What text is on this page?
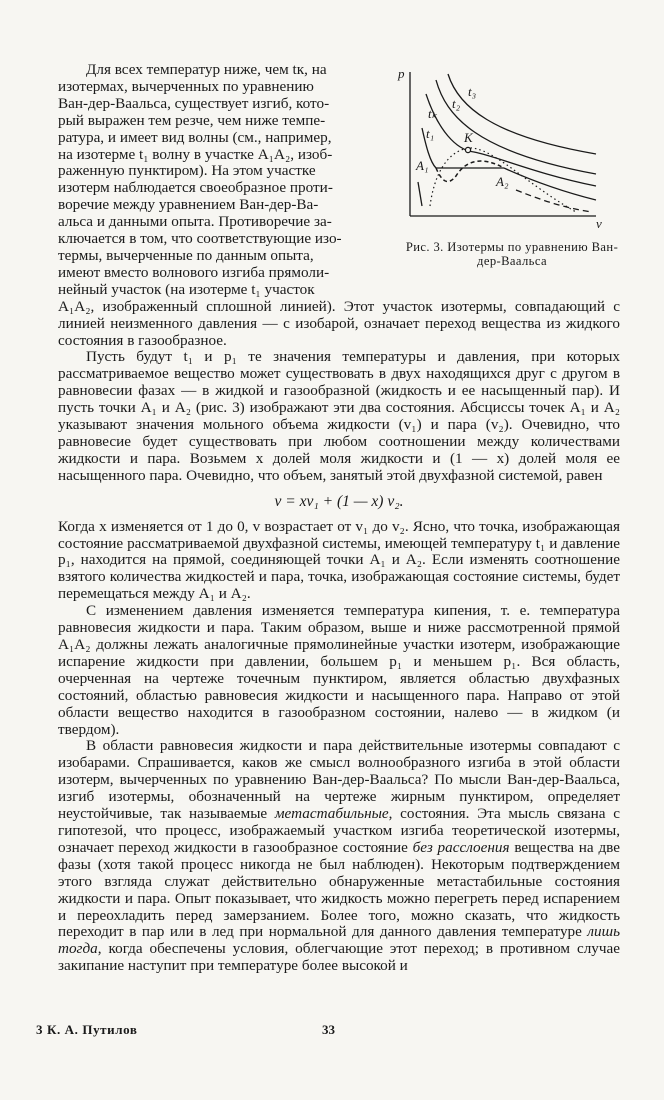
p
v
t₃
t₂
tₖ
t₁ K
A₁
A₂
Рис. 3. Изотермы по уравнению Ван-дер-Ваальса
Для всех температур ниже, чем tк, на
изотермах, вычерченных по уравнению
Ван-дер-Ваальса, существует изгиб, кото-
рый выражен тем резче, чем ниже темпе-
ратура, и имеет вид волны (см., например,
на изотерме t₁ волну в участке A₁A₂, изоб-
раженную пунктиром). На этом участке
изотерм наблюдается своеобразное проти-
воречие между уравнением Ван-дер-Ва-
альса и данными опыта. Противоречие за-
ключается в том, что соответствующие изо-
термы, вычерченные по данным опыта,
имеют вместо волнового изгиба прямоли-
нейный участок (на изотерме t₁ участок

A₁A₂, изображенный сплошной линией). Этот участок изотермы, совпадающий с линией неизменного давления — с изобарой, означает переход вещества из жидкого состояния в газообразное.

Пусть будут t₁ и p₁ те значения температуры и давления, при которых рассматриваемое вещество может существовать в двух находящихся друг с другом в равновесии фазах — в жидкой и газообразной (жидкость и ее насыщенный пар). И пусть точки A₁ и A₂ (рис. 3) изображают эти два состояния. Абсциссы точек A₁ и A₂ указывают значения мольного объема жидкости (v₁) и пара (v₂). Очевидно, что равновесие будет существовать при любом соотношении между количествами жидкости и пара. Возьмем x долей моля жидкости и (1 — x) долей моля ее насыщенного пара. Очевидно, что объем, занятый этой двухфазной системой, равен

v = xv₁ + (1 — x) v₂.

Когда x изменяется от 1 до 0, v возрастает от v₁ до v₂. Ясно, что точка, изображающая состояние рассматриваемой двухфазной системы, имеющей температуру t₁ и давление p₁, находится на прямой, соединяющей точки A₁ и A₂. Если изменять соотношение взятого количества жидкостей и пара, точка, изображающая состояние системы, будет перемещаться между A₁ и A₂.

С изменением давления изменяется температура кипения, т. е. температура равновесия жидкости и пара. Таким образом, выше и ниже рассмотренной прямой A₁A₂ должны лежать аналогичные прямолинейные участки изотерм, изображающие испарение жидкости при давлении, большем p₁ и меньшем p₁. Вся область, очерченная на чертеже точечным пунктиром, является областью двухфазных состояний, областью равновесия жидкости и насыщенного пара. Направо от этой области вещество находится в газообразном состоянии, налево — в жидком (и твердом).

В области равновесия жидкости и пара действительные изотермы совпадают с изобарами. Спрашивается, каков же смысл волнообразного изгиба в этой области изотерм, вычерченных по уравнению Ван-дер-Ваальса? По мысли Ван-дер-Ваальса, изгиб изотермы, обозначенный на чертеже жирным пунктиром, определяет неустойчивые, так называемые метастабильные, состояния. Эта мысль связана с гипотезой, что процесс, изображаемый участком изгиба теоретической изотермы, означает переход жидкости в газообразное состояние без расслоения вещества на две фазы (хотя такой процесс никогда не был наблюден). Некоторым подтверждением этого взгляда служат действительно обнаруженные метастабильные состояния жидкости и пара. Опыт показывает, что жидкость можно перегреть перед испарением и переохладить перед замерзанием. Более того, можно сказать, что жидкость переходит в пар или в лед при нормальной для данного давления температуре лишь тогда, когда обеспечены условия, облегчающие этот переход; в противном случае закипание наступит при температуре более высокой и

3 К. А. Путилов	33
